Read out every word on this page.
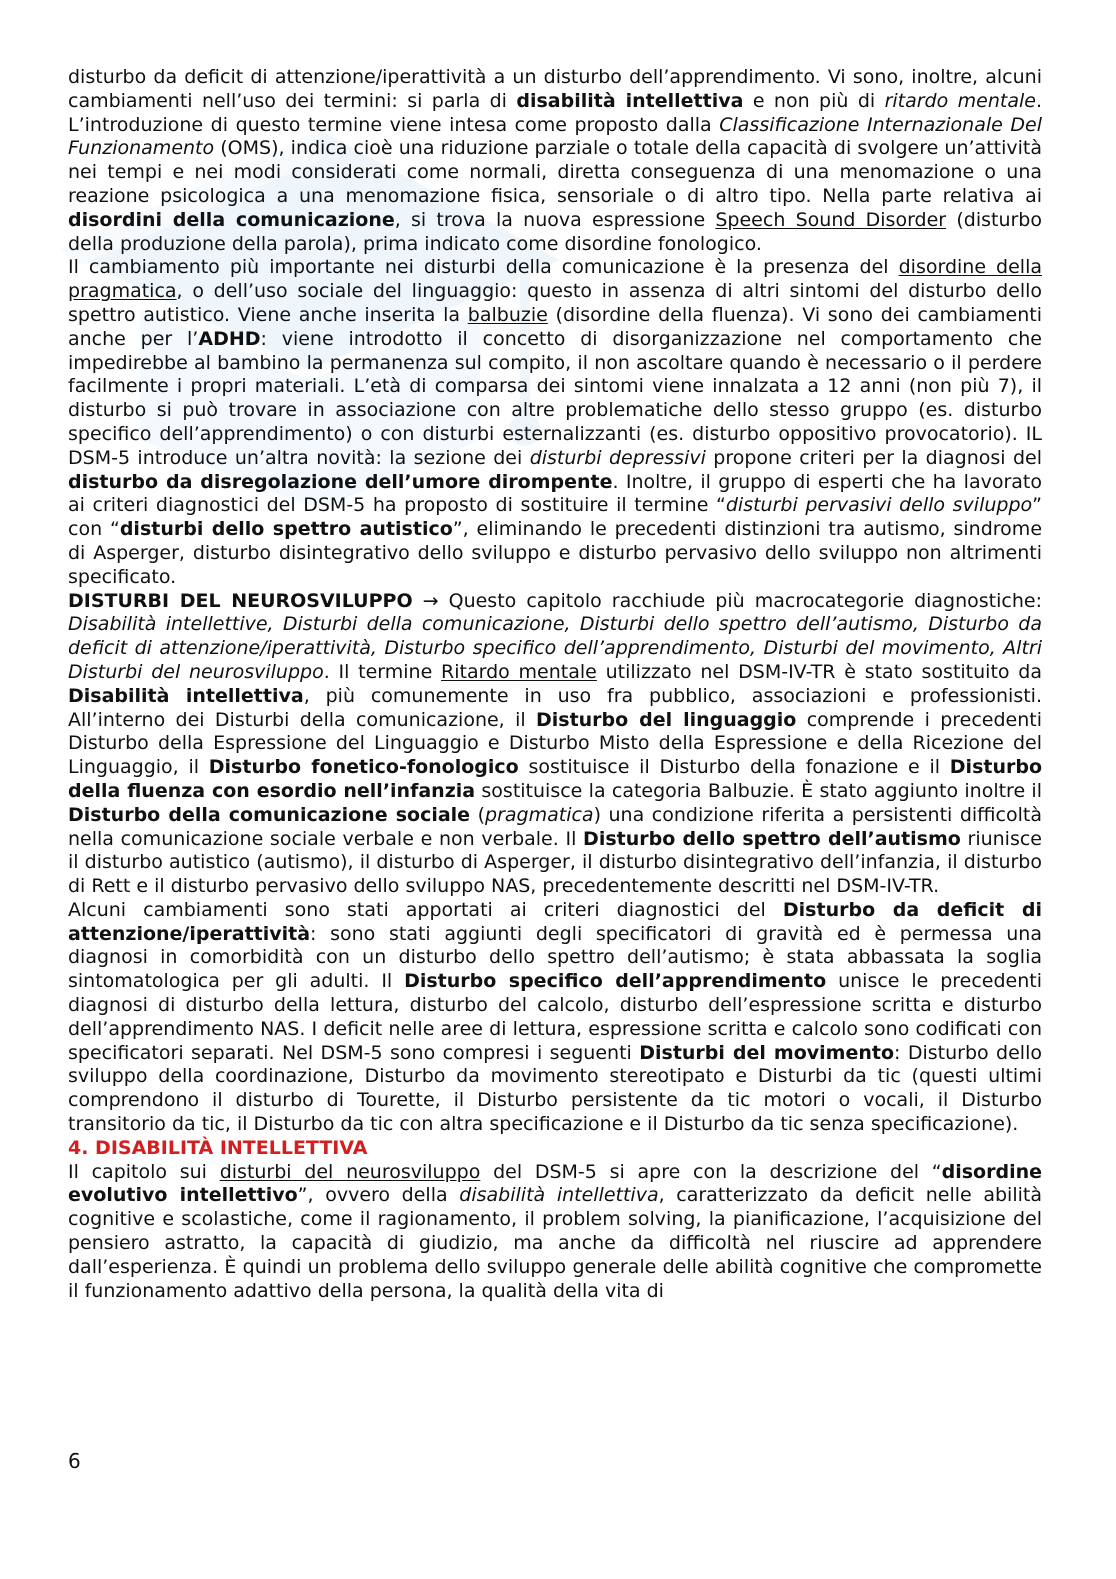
disturbo da deficit di attenzione/iperattività a un disturbo dell’apprendimento. Vi sono, inoltre, alcuni cambiamenti nell’uso dei termini: si parla di disabilità intellettiva e non più di ritardo mentale. L’introduzione di questo termine viene intesa come proposto dalla Classificazione Internazionale Del Funzionamento (OMS), indica cioè una riduzione parziale o totale della capacità di svolgere un’attività nei tempi e nei modi considerati come normali, diretta conseguenza di una menomazione o una reazione psicologica a una menomazione fisica, sensoriale o di altro tipo. Nella parte relativa ai disordini della comunicazione, si trova la nuova espressione Speech Sound Disorder (disturbo della produzione della parola), prima indicato come disordine fonologico.

Il cambiamento più importante nei disturbi della comunicazione è la presenza del disordine della pragmatica, o dell’uso sociale del linguaggio: questo in assenza di altri sintomi del disturbo dello spettro autistico. Viene anche inserita la balbuzie (disordine della fluenza). Vi sono dei cambiamenti anche per l’ADHD: viene introdotto il concetto di disorganizzazione nel comportamento che impedirebbe al bambino la permanenza sul compito, il non ascoltare quando è necessario o il perdere facilmente i propri materiali. L’età di comparsa dei sintomi viene innalzata a 12 anni (non più 7), il disturbo si può trovare in associazione con altre problematiche dello stesso gruppo (es. disturbo specifico dell’apprendimento) o con disturbi esternalizzanti (es. disturbo oppositivo provocatorio). IL DSM-5 introduce un’altra novità: la sezione dei disturbi depressivi propone criteri per la diagnosi del disturbo da disregolazione dell’umore dirompente. Inoltre, il gruppo di esperti che ha lavorato ai criteri diagnostici del DSM-5 ha proposto di sostituire il termine “disturbi pervasivi dello sviluppo” con “disturbi dello spettro autistico”, eliminando le precedenti distinzioni tra autismo, sindrome di Asperger, disturbo disintegrativo dello sviluppo e disturbo pervasivo dello sviluppo non altrimenti specificato.

DISTURBI DEL NEUROSVILUPPO → Questo capitolo racchiude più macrocategorie diagnostiche: Disabilità intellettive, Disturbi della comunicazione, Disturbi dello spettro dell’autismo, Disturbo da deficit di attenzione/iperattività, Disturbo specifico dell’apprendimento, Disturbi del movimento, Altri Disturbi del neurosviluppo. Il termine Ritardo mentale utilizzato nel DSM-IV-TR è stato sostituito da Disabilità intellettiva, più comunemente in uso fra pubblico, associazioni e professionisti. All’interno dei Disturbi della comunicazione, il Disturbo del linguaggio comprende i precedenti Disturbo della Espressione del Linguaggio e Disturbo Misto della Espressione e della Ricezione del Linguaggio, il Disturbo fonetico-fonologico sostituisce il Disturbo della fonazione e il Disturbo della fluenza con esordio nell’infanzia sostituisce la categoria Balbuzie. È stato aggiunto inoltre il Disturbo della comunicazione sociale (pragmatica) una condizione riferita a persistenti difficoltà nella comunicazione sociale verbale e non verbale. Il Disturbo dello spettro dell’autismo riunisce il disturbo autistico (autismo), il disturbo di Asperger, il disturbo disintegrativo dell’infanzia, il disturbo di Rett e il disturbo pervasivo dello sviluppo NAS, precedentemente descritti nel DSM-IV-TR.

Alcuni cambiamenti sono stati apportati ai criteri diagnostici del Disturbo da deficit di attenzione/iperattività: sono stati aggiunti degli specificatori di gravità ed è permessa una diagnosi in comorbidità con un disturbo dello spettro dell’autismo; è stata abbassata la soglia sintomatologica per gli adulti. Il Disturbo specifico dell’apprendimento unisce le precedenti diagnosi di disturbo della lettura, disturbo del calcolo, disturbo dell’espressione scritta e disturbo dell’apprendimento NAS. I deficit nelle aree di lettura, espressione scritta e calcolo sono codificati con specificatori separati. Nel DSM-5 sono compresi i seguenti Disturbi del movimento: Disturbo dello sviluppo della coordinazione, Disturbo da movimento stereotipato e Disturbi da tic (questi ultimi comprendono il disturbo di Tourette, il Disturbo persistente da tic motori o vocali, il Disturbo transitorio da tic, il Disturbo da tic con altra specificazione e il Disturbo da tic senza specificazione).

4. DISABILITÀ INTELLETTIVA

Il capitolo sui disturbi del neurosviluppo del DSM-5 si apre con la descrizione del “disordine evolutivo intellettivo”, ovvero della disabilità intellettiva, caratterizzato da deficit nelle abilità cognitive e scolastiche, come il ragionamento, il problem solving, la pianificazione, l’acquisizione del pensiero astratto, la capacità di giudizio, ma anche da difficoltà nel riuscire ad apprendere dall’esperienza. È quindi un problema dello sviluppo generale delle abilità cognitive che compromette il funzionamento adattivo della persona, la qualità della vita di

6
